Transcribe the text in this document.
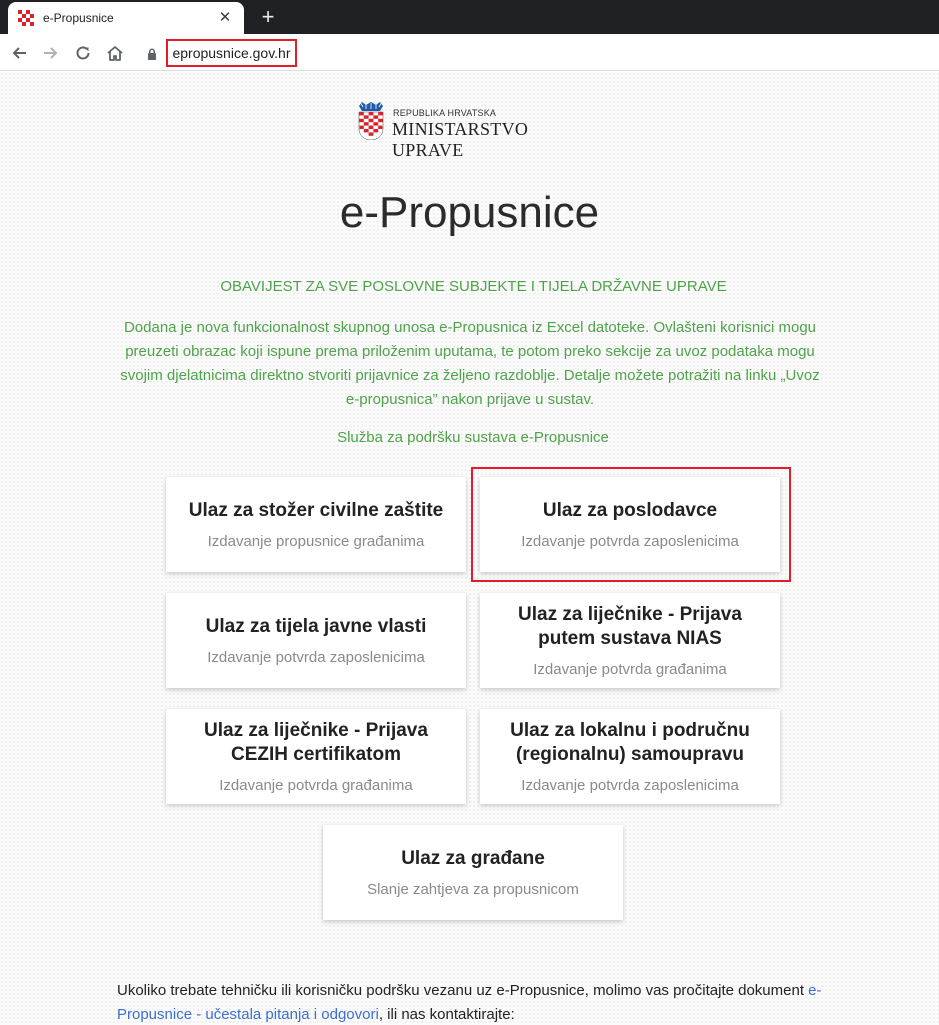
e-Propusnice	✕ +
epropusnice.gov.hr
REPUBLIKA HRVATSKA
MINISTARSTVO UPRAVE
e-Propusnice
OBAVIJEST ZA SVE POSLOVNE SUBJEKTE I TIJELA DRŽAVNE UPRAVE
Dodana je nova funkcionalnost skupnog unosa e-Propusnica iz Excel datoteke. Ovlašteni korisnici mogu preuzeti obrazac koji ispune prema priloženim uputama, te potom preko sekcije za uvoz podataka mogu svojim djelatnicima direktno stvoriti prijavnice za željeno razdoblje. Detalje možete potražiti na linku „Uvoz e-propusnica” nakon prijave u sustav.
Služba za podršku sustava e-Propusnice
Ulaz za stožer civilne zaštite
Izdavanje propusnice građanima
Ulaz za poslodavce
Izdavanje potvrda zaposlenicima
Ulaz za tijela javne vlasti
Izdavanje potvrda zaposlenicima
Ulaz za liječnike - Prijava putem sustava NIAS
Izdavanje potvrda građanima
Ulaz za liječnike - Prijava CEZIH certifikatom
Izdavanje potvrda građanima
Ulaz za lokalnu i područnu (regionalnu) samoupravu
Izdavanje potvrda zaposlenicima
Ulaz za građane
Slanje zahtjeva za propusnicom
Ukoliko trebate tehničku ili korisničku podršku vezanu uz e-Propusnice, molimo vas pročitajte dokument e-Propusnice - učestala pitanja i odgovori, ili nas kontaktirajte:
